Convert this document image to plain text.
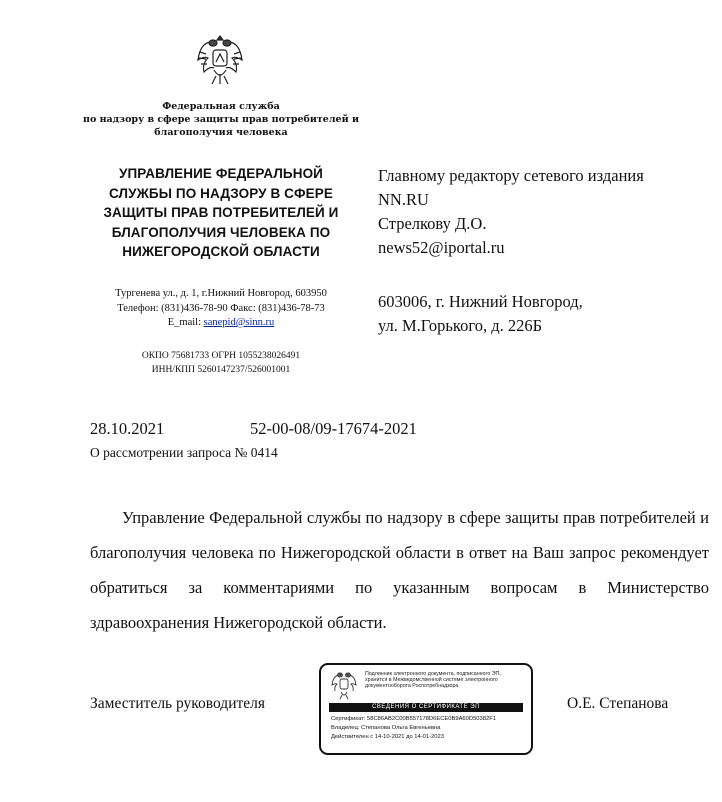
Федеральная служба
по надзору в сфере защиты прав потребителей и
благополучия человека
УПРАВЛЕНИЕ ФЕДЕРАЛЬНОЙ
СЛУЖБЫ ПО НАДЗОРУ В СФЕРЕ
ЗАЩИТЫ ПРАВ ПОТРЕБИТЕЛЕЙ И
БЛАГОПОЛУЧИЯ ЧЕЛОВЕКА ПО
НИЖЕГОРОДСКОЙ ОБЛАСТИ
Тургенева ул., д. 1, г.Нижний Новгород, 603950
Телефон: (831)436-78-90 Факс: (831)436-78-73
E_mail: sanepid@sinn.ru
ОКПО 75681733 ОГРН 1055238026491
ИНН/КПП 5260147237/526001001
Главному редактору сетевого издания
NN.RU
Стрелкову Д.О.
news52@iportal.ru
603006, г. Нижний Новгород,
ул. М.Горького, д. 226Б
28.10.2021	52-00-08/09-17674-2021
О рассмотрении запроса № 0414
Управление Федеральной службы по надзору в сфере защиты прав потребителей и благополучия человека по Нижегородской области в ответ на Ваш запрос рекомендует обратиться за комментариями по указанным вопросам в Министерство здравоохранения Нижегородской области.
Заместитель руководителя	О.Е. Степанова
Подлинник электронного документа, подписанного ЭП,
хранится в Межведомственной системе электронного
документооборота Роспотребнадзора
СВЕДЕНИЯ О СЕРТИФИКАТЕ ЭП
Сертификат: 58C86AB2C00B557178D6ECE0B9A60D50382F1
Владелец: Степанова Ольга Евгеньевна
Действителен с 14-10-2021 до 14-01-2023
